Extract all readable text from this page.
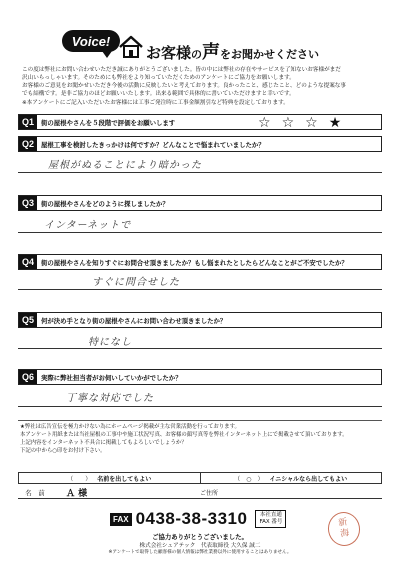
Voice!
お客様の声をお聞かせください

この度は弊社にお問い合わせいただき誠にありがとうございました。皆の中には弊社の存在やサービスを了知ないお客様がまだ

沢山いらっしゃいます。そのためにも弊社をより知っていただくためのアンケートにご協力をお願いします。

お客様のご意見をお聞かせいただき今後の活動に反映したいと考えております。良かったこと、感じたこと、どのような提案な事

でも結構です。是非ご協力のほどお願いいたします。出来る範囲で具体的に書いていただけますと幸いです。

※本アンケートにご記入いただいたお客様には工事ご発注時に工事金額割引など特典を設定しております。

Q1	街の屋根やさんを５段階で評価をお願いします	☆ ☆ ☆ ★
Q2	屋根工事を検討したきっかけは何ですか？どんなことで悩まれていましたか？
屋根がぬることにより暗かった
Q3	街の屋根やさんをどのように探しましたか？
インターネットで
Q4	街の屋根やさんを知りすぐにお問合せ頂きましたか？もし悩まれたとしたらどんなことがご不安でしたか？
すぐに問合せした
Q5	何が決め手となり街の屋根やさんにお問い合わせ頂きましたか？
特になし
Q6	実際に弊社担当者がお伺いしていかがでしたか？
丁寧な対応でした
★弊社は広告宣伝を極力かけない為にホームページ掲載が主な営業活動を行っております。
本アンケート用紙または当社屋根の工事中や施工状況写真、お客様の顔写真等を弊社インターネット上にで掲載させて頂いております。
上記内容をインターネット不具合に掲載してもよろしいでしょうか？
下記の中から○印をお付け下さい。
（　　） 名前を出してもよい	（　○　） イニシャルなら出してもよい
名　前	Ａ 様	ご住所
FAX 0438-38-3310 本社直通
FAX 番号
ご協力ありがとうございました。
株式会社シュアテック　代表取締役 大久保 誠二
※アンケートで取得した顧客様の個人情報は弊社業務以外に使用することはありません。
新
海
